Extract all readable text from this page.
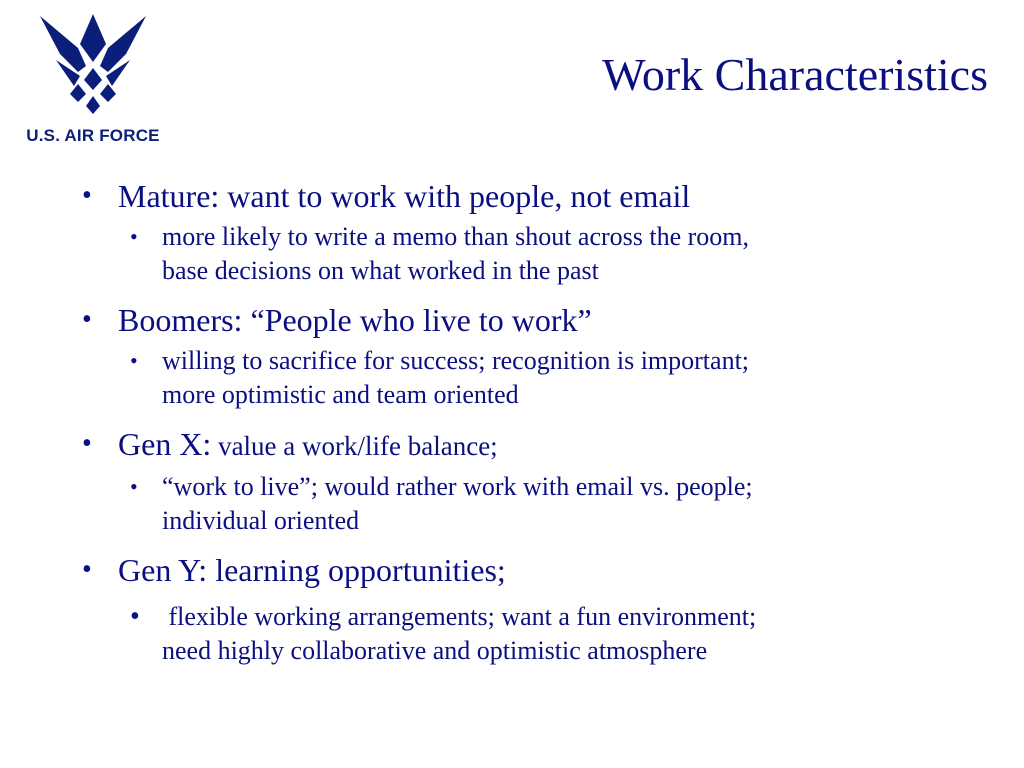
U.S. AIR FORCE
Work Characteristics
• Mature: want to work with people, not email
• more likely to write a memo than shout across the room,
base decisions on what worked in the past
• Boomers: “People who live to work”
• willing to sacrifice for success; recognition is important;
more optimistic and team oriented
• Gen X: value a work/life balance;
• “work to live”; would rather work with email vs. people;
individual oriented
• Gen Y: learning opportunities;
• flexible working arrangements; want a fun environment;
need highly collaborative and optimistic atmosphere
